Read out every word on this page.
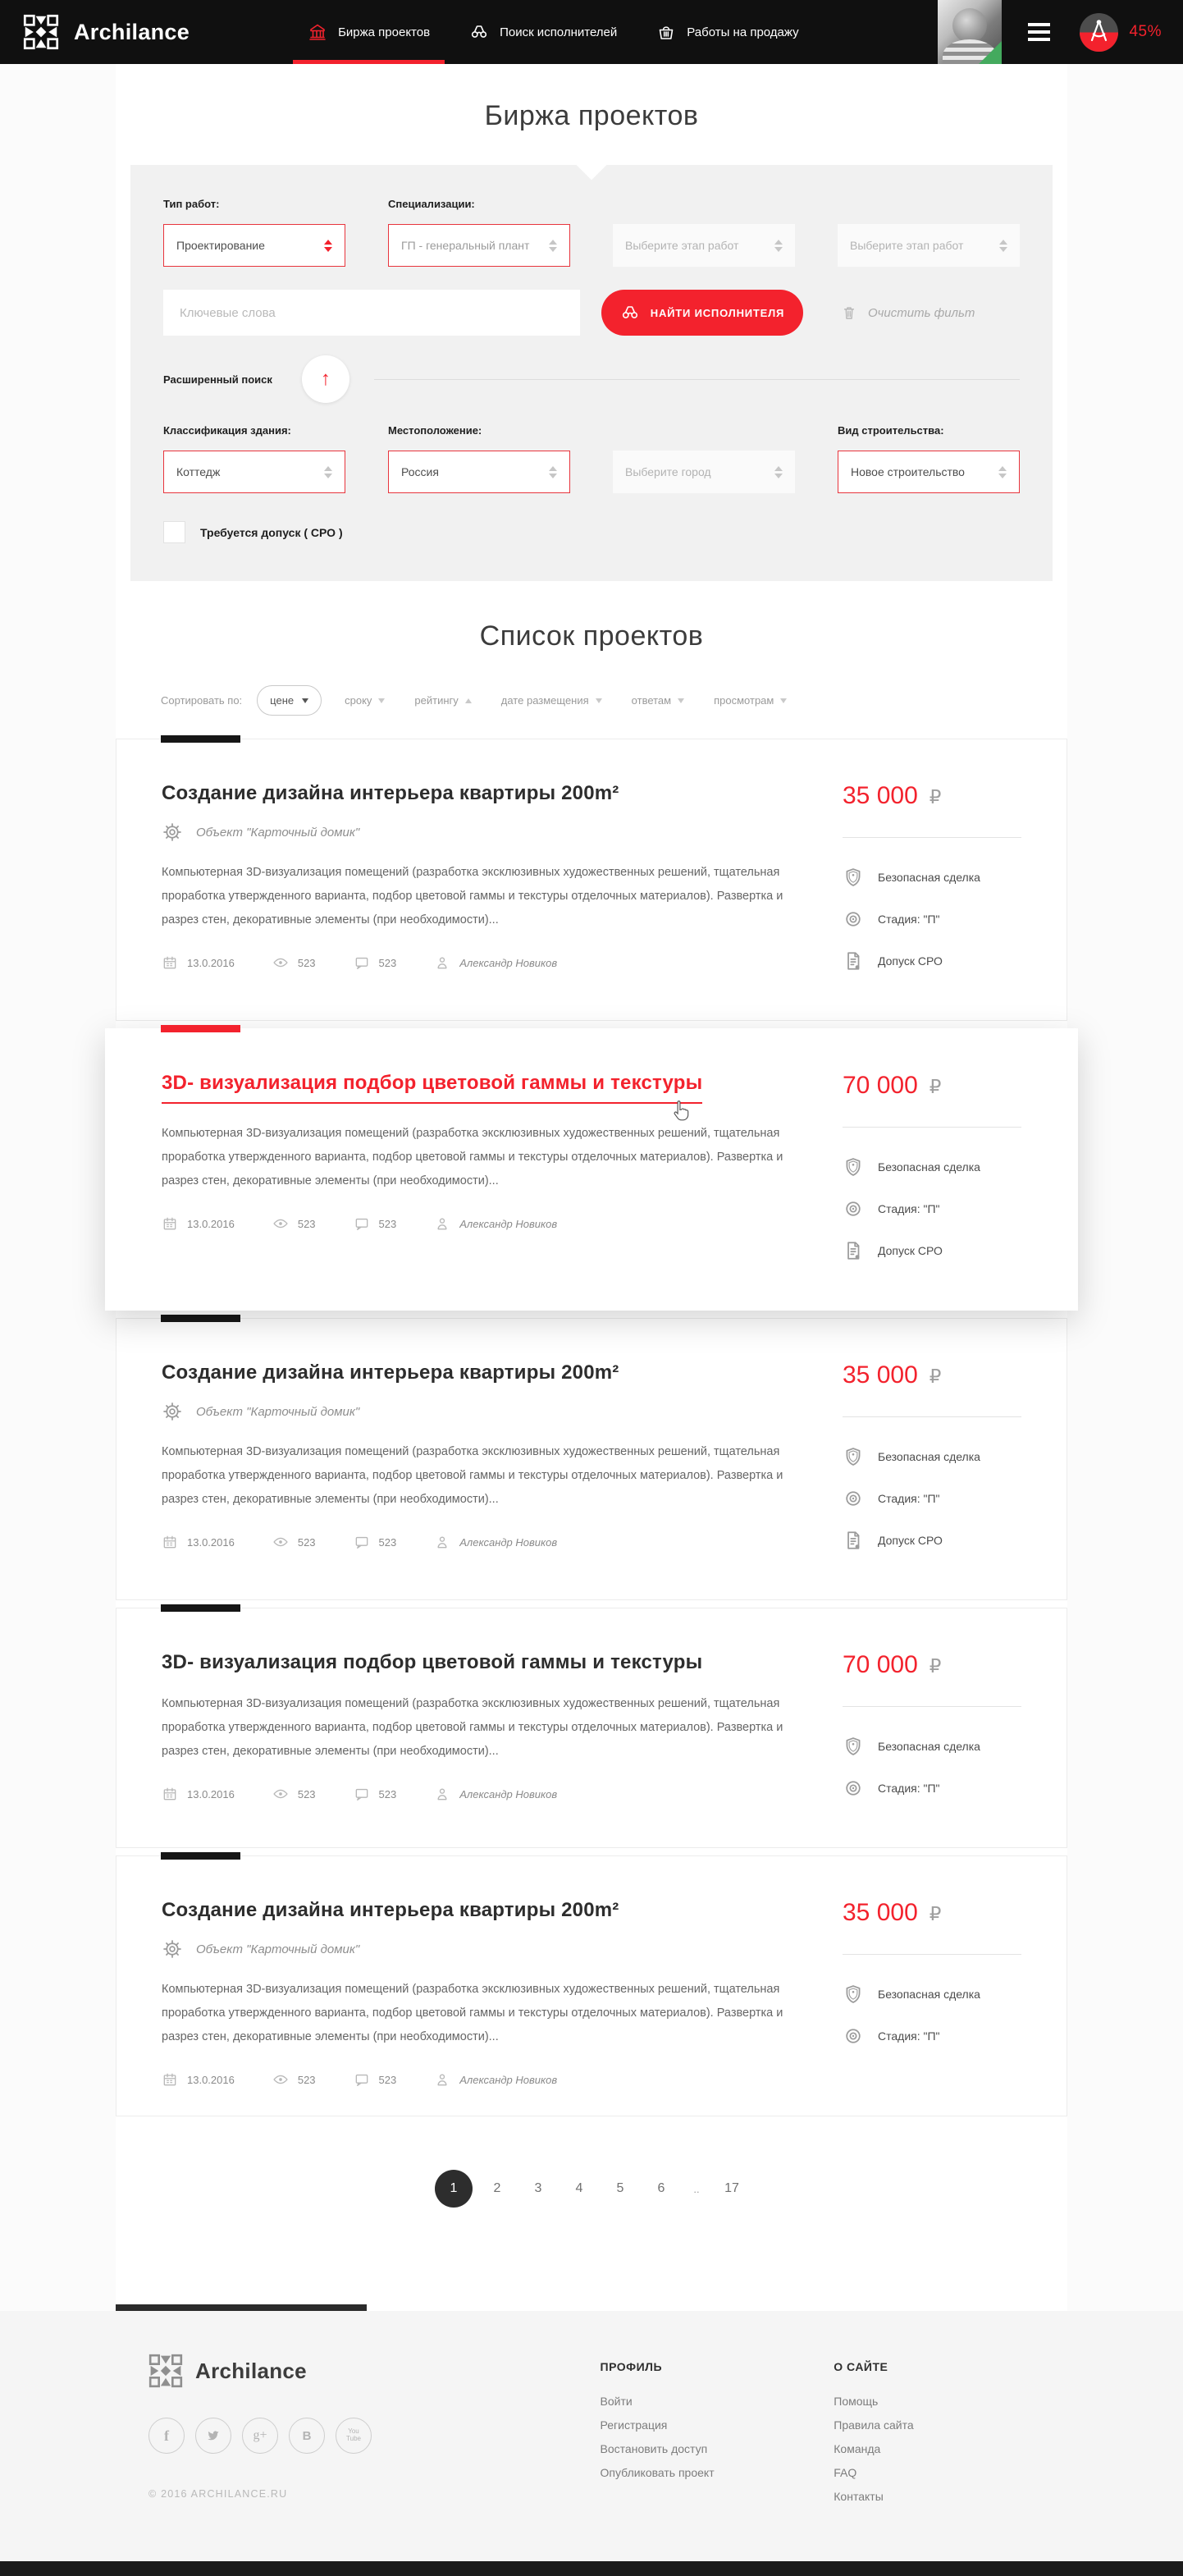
Archilance	Биржа проектов	Поиск исполнителей	Работы на продажу	45%
Биржа проектов
Тип работ:	Специализации:
Проектирование	ГП - генеральный плант	Выберите этап работ	Выберите этап работ
Ключевые слова
НАЙТИ ИСПОЛНИТЕЛЯ	Очистить фильт
Расширенный поиск	↑
Классификация здания:	Местоположение:	Вид строительства:
Коттедж	Россия	Выберите город	Новое строительство
Требуется допуск ( СРО )
Список проектов
Сортировать по:	цене	сроку	рейтингу	дате размещения	ответам	просмотрам
Создание дизайна интерьера квартиры 200m²
Объект "Карточный домик"

Компьютерная 3D-визуализация помещений (разработка эксклюзивных художественных решений, тщательная проработка утвержденного варианта, подбор цветовой гаммы и текстуры отделочных материалов). Развертка и разрез стен, декоративные элементы (при необходимости)...

13.0.2016	523	523	Александр Новиков
35 000 ₽
Безопасная сделка
Стадия: "П"
Допуск СРО
3D- визуализация подбор цветовой гаммы и текстуры

Компьютерная 3D-визуализация помещений (разработка эксклюзивных художественных решений, тщательная проработка утвержденного варианта, подбор цветовой гаммы и текстуры отделочных материалов). Развертка и разрез стен, декоративные элементы (при необходимости)...

13.0.2016	523	523	Александр Новиков
70 000 ₽
Безопасная сделка
Стадия: "П"
Допуск СРО
Создание дизайна интерьера квартиры 200m²
Объект "Карточный домик"

Компьютерная 3D-визуализация помещений (разработка эксклюзивных художественных решений, тщательная проработка утвержденного варианта, подбор цветовой гаммы и текстуры отделочных материалов). Развертка и разрез стен, декоративные элементы (при необходимости)...

13.0.2016	523	523	Александр Новиков
35 000 ₽
Безопасная сделка
Стадия: "П"
Допуск СРО
3D- визуализация подбор цветовой гаммы и текстуры

Компьютерная 3D-визуализация помещений (разработка эксклюзивных художественных решений, тщательная проработка утвержденного варианта, подбор цветовой гаммы и текстуры отделочных материалов). Развертка и разрез стен, декоративные элементы (при необходимости)...

13.0.2016	523	523	Александр Новиков
70 000 ₽
Безопасная сделка
Стадия: "П"
Создание дизайна интерьера квартиры 200m²
Объект "Карточный домик"

Компьютерная 3D-визуализация помещений (разработка эксклюзивных художественных решений, тщательная проработка утвержденного варианта, подбор цветовой гаммы и текстуры отделочных материалов). Развертка и разрез стен, декоративные элементы (при необходимости)...

13.0.2016	523	523	Александр Новиков
35 000 ₽
Безопасная сделка
Стадия: "П"
1	2	3	4	5	6	..	17
Archilance
f	g+	В	You
Tube
© 2016 ARCHILANCE.RU
ПРОФИЛЬ
Войти
Регистрация
Востановить доступ
Опубликовать проект
О САЙТЕ
Помощь
Правила сайта
Команда
FAQ
Контакты
